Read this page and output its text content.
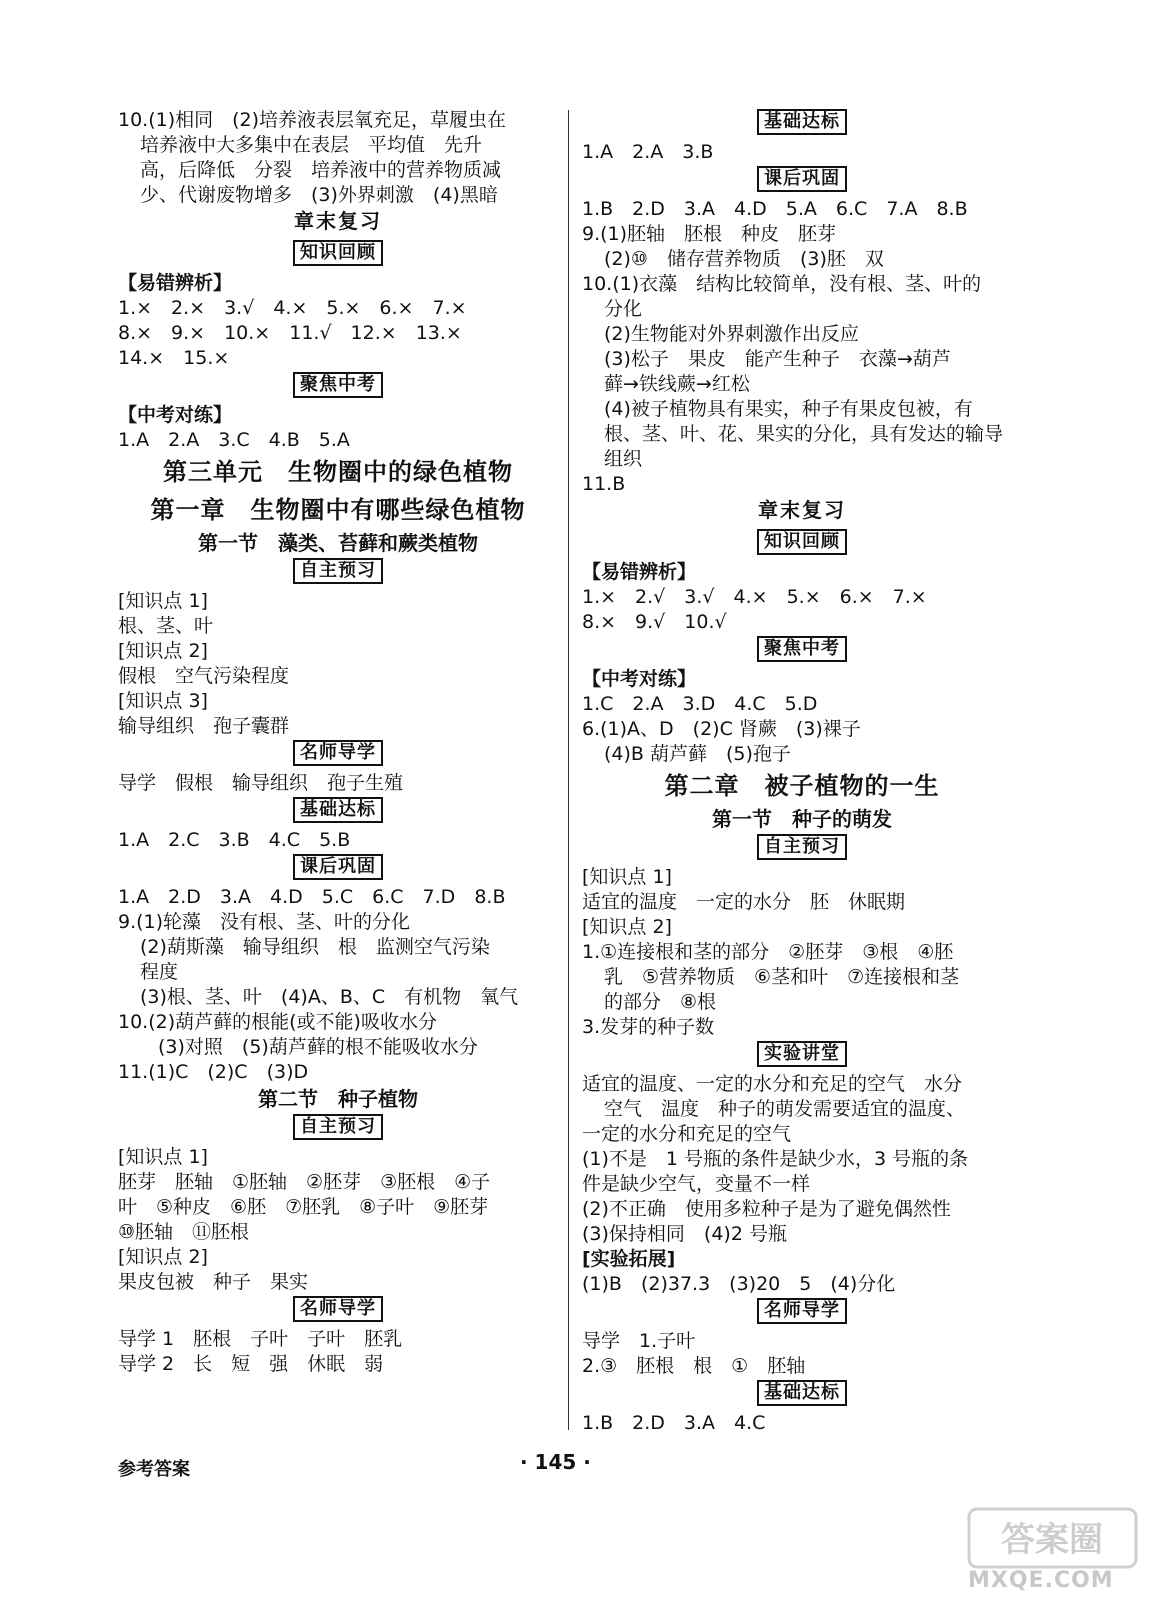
10.(1)相同　(2)培养液表层氧充足，草履虫在
培养液中大多集中在表层　平均值　先升
高，后降低　分裂　培养液中的营养物质减
少、代谢废物增多　(3)外界刺激　(4)黑暗
章末复习
知识回顾
【易错辨析】
1.×　2.×　3.√　4.×　5.×　6.×　7.×
8.×　9.×　10.×　11.√　12.×　13.×
14.×　15.×
聚焦中考
【中考对练】
1.A　2.A　3.C　4.B　5.A
第三单元　生物圈中的绿色植物
第一章　生物圈中有哪些绿色植物
第一节　藻类、苔藓和蕨类植物
自主预习
[知识点 1]
根、茎、叶
[知识点 2]
假根　空气污染程度
[知识点 3]
输导组织　孢子囊群
名师导学
导学　假根　输导组织　孢子生殖
基础达标
1.A　2.C　3.B　4.C　5.B
课后巩固
1.A　2.D　3.A　4.D　5.C　6.C　7.D　8.B
9.(1)轮藻　没有根、茎、叶的分化
(2)葫斯藻　输导组织　根　监测空气污染
程度
(3)根、茎、叶　(4)A、B、C　有机物　氧气
10.(2)葫芦藓的根能(或不能)吸收水分
(3)对照　(5)葫芦藓的根不能吸收水分
11.(1)C　(2)C　(3)D
第二节　种子植物
自主预习
[知识点 1]
胚芽　胚轴　①胚轴　②胚芽　③胚根　④子
叶　⑤种皮　⑥胚　⑦胚乳　⑧子叶　⑨胚芽
⑩胚轴　⑪胚根
[知识点 2]
果皮包被　种子　果实
名师导学
导学 1　胚根　子叶　子叶　胚乳
导学 2　长　短　强　休眠　弱
基础达标
1.A　2.A　3.B
课后巩固
1.B　2.D　3.A　4.D　5.A　6.C　7.A　8.B
9.(1)胚轴　胚根　种皮　胚芽
(2)⑩　储存营养物质　(3)胚　双
10.(1)衣藻　结构比较简单，没有根、茎、叶的
分化
(2)生物能对外界刺激作出反应
(3)松子　果皮　能产生种子　衣藻→葫芦
藓→铁线蕨→红松
(4)被子植物具有果实，种子有果皮包被，有
根、茎、叶、花、果实的分化，具有发达的输导
组织
11.B
章末复习
知识回顾
【易错辨析】
1.×　2.√　3.√　4.×　5.×　6.×　7.×
8.×　9.√　10.√
聚焦中考
【中考对练】
1.C　2.A　3.D　4.C　5.D
6.(1)A、D　(2)C 肾蕨　(3)裸子
(4)B 葫芦藓　(5)孢子
第二章　被子植物的一生
第一节　种子的萌发
自主预习
[知识点 1]
适宜的温度　一定的水分　胚　休眠期
[知识点 2]
1.①连接根和茎的部分　②胚芽　③根　④胚
乳　⑤营养物质　⑥茎和叶　⑦连接根和茎
的部分　⑧根
3.发芽的种子数
实验讲堂
适宜的温度、一定的水分和充足的空气　水分
空气　温度　种子的萌发需要适宜的温度、
一定的水分和充足的空气
(1)不是　1 号瓶的条件是缺少水，3 号瓶的条
件是缺少空气，变量不一样
(2)不正确　使用多粒种子是为了避免偶然性
(3)保持相同　(4)2 号瓶
[实验拓展]
(1)B　(2)37.3　(3)20　5　(4)分化
名师导学
导学　1.子叶
2.③　胚根　根　①　胚轴
基础达标
1.B　2.D　3.A　4.C
参考答案	· 145 ·
答案圈
MXQE.COM
